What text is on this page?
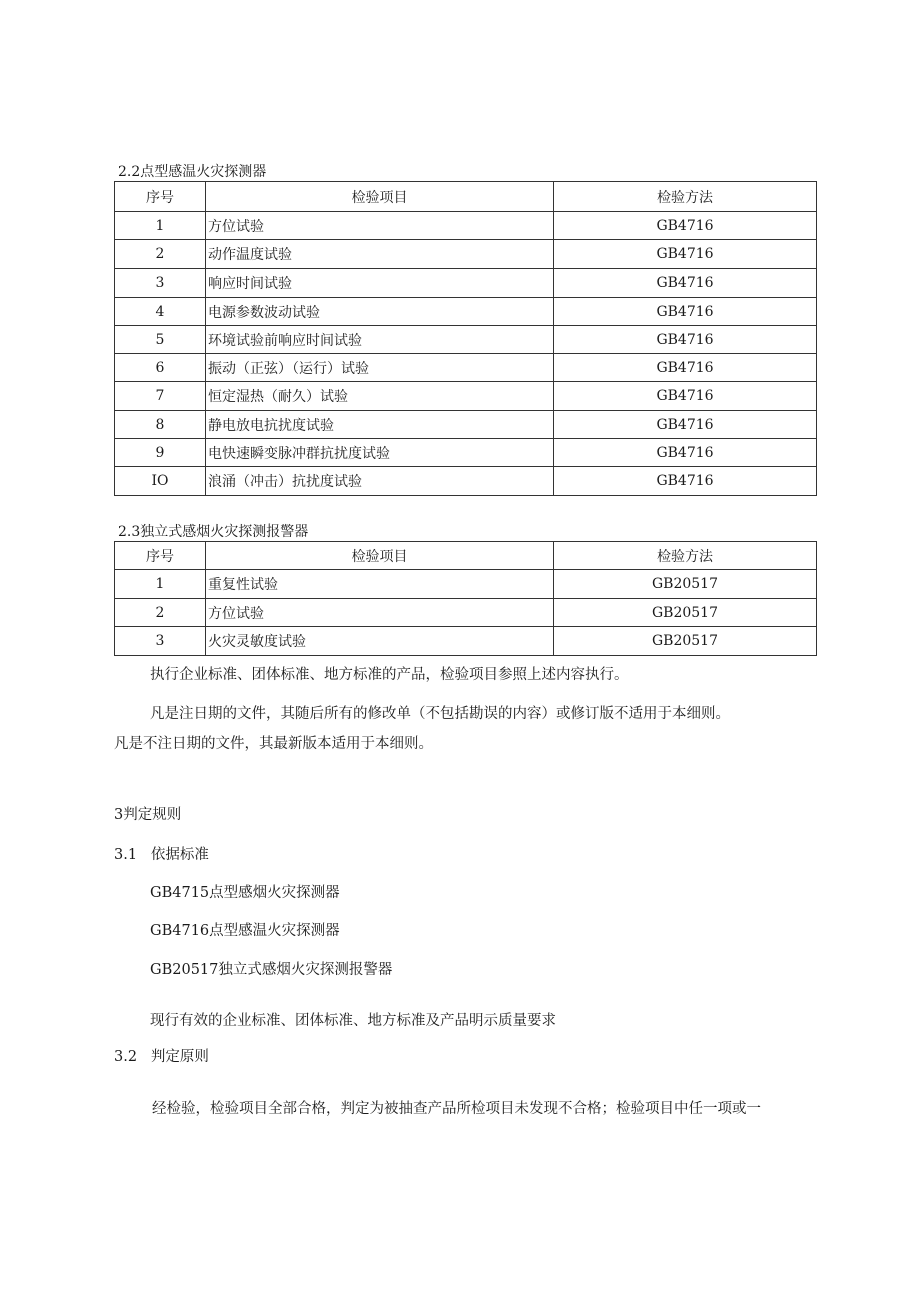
2.2点型感温火灾探测器
序号	检验项目	检验方法
1	方位试验	GB4716
2	动作温度试验	GB4716
3	响应时间试验	GB4716
4	电源参数波动试验	GB4716
5	环境试验前响应时间试验	GB4716
6	振动（正弦）（运行）试验	GB4716
7	恒定湿热（耐久）试验	GB4716
8	静电放电抗扰度试验	GB4716
9	电快速瞬变脉冲群抗扰度试验	GB4716
IO	浪涌（冲击）抗扰度试验	GB4716
2.3独立式感烟火灾探测报警器
序号	检验项目	检验方法
1	重复性试验	GB20517
2	方位试验	GB20517
3	火灾灵敏度试验	GB20517
执行企业标准、团体标准、地方标准的产品，检验项目参照上述内容执行。
凡是注日期的文件，其随后所有的修改单（不包括勘误的内容）或修订版不适用于本细则。
凡是不注日期的文件，其最新版本适用于本细则。
3判定规则
3.1   依据标准
GB4715点型感烟火灾探测器
GB4716点型感温火灾探测器
GB20517独立式感烟火灾探测报警器
现行有效的企业标准、团体标准、地方标准及产品明示质量要求
3.2   判定原则
经检验，检验项目全部合格，判定为被抽查产品所检项目未发现不合格；检验项目中任一项或一
